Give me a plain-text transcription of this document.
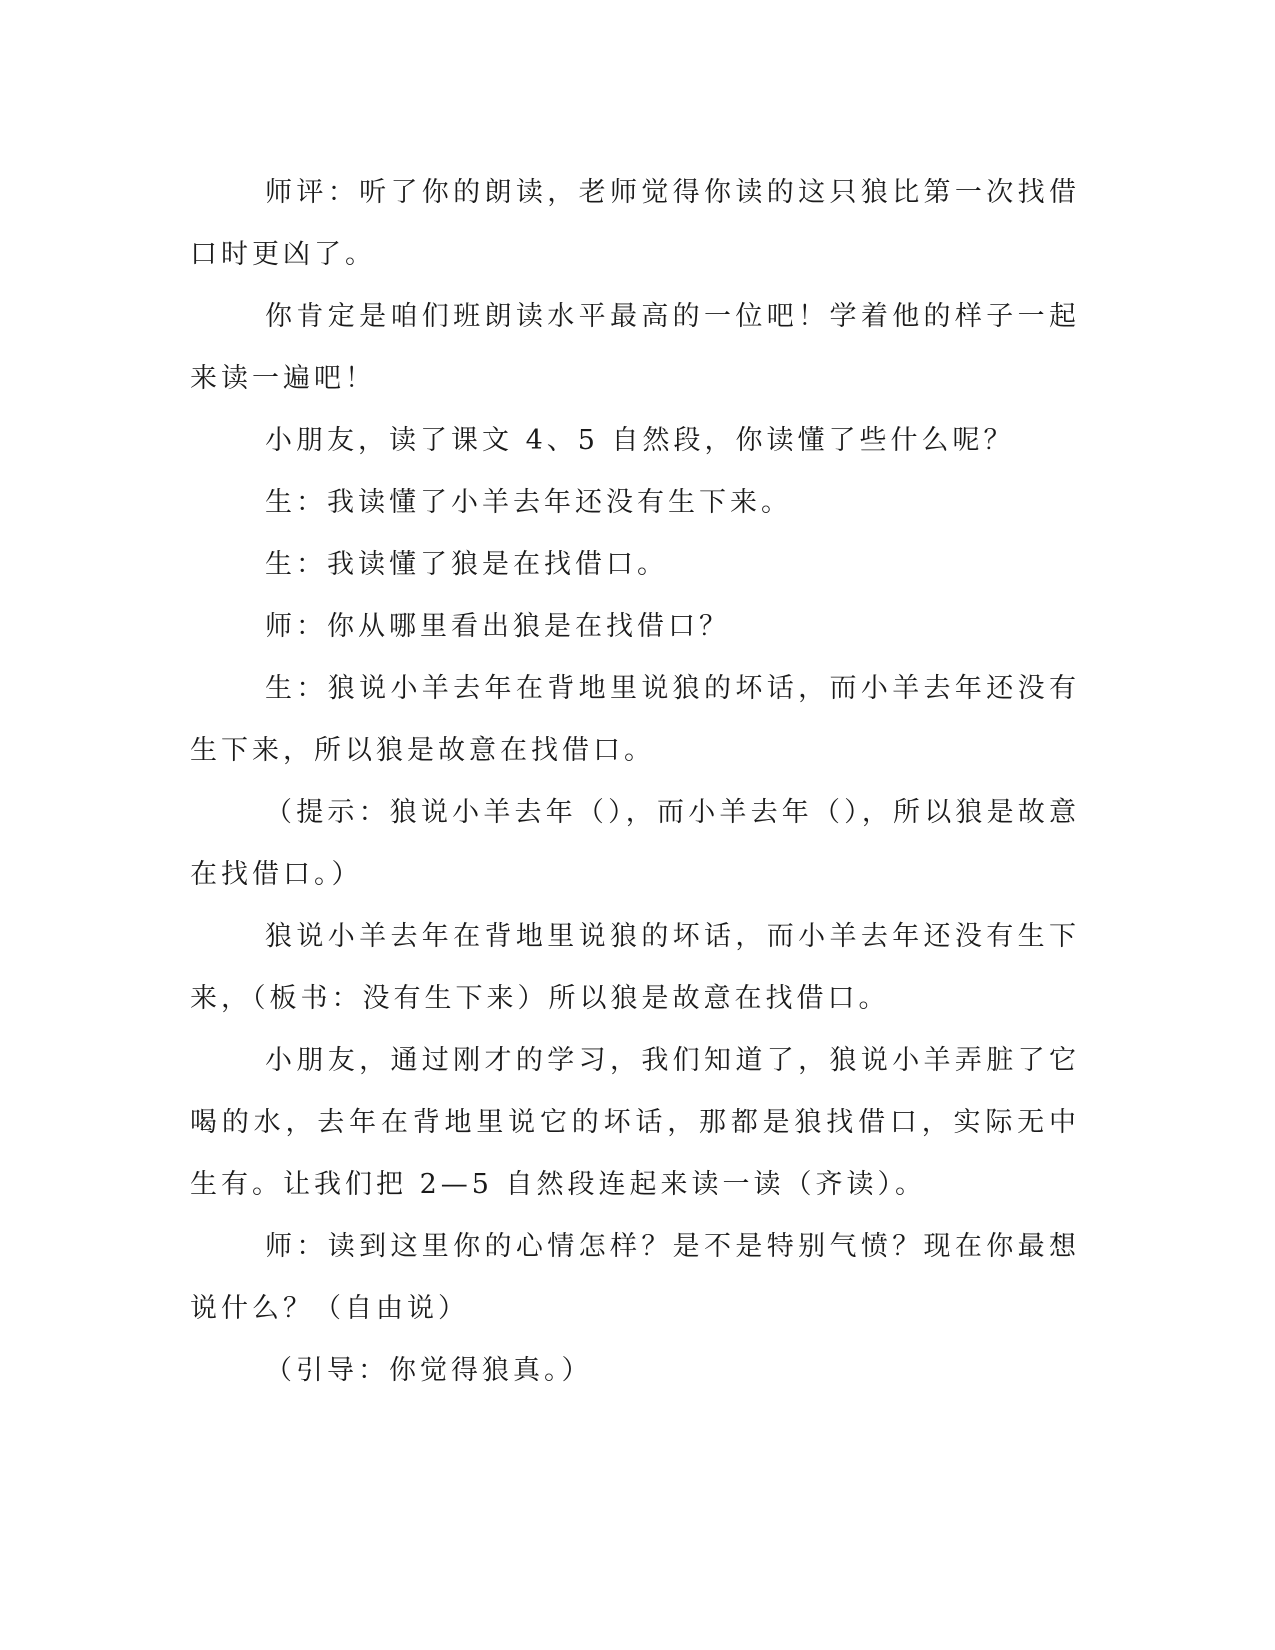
师评：听了你的朗读，老师觉得你读的这只狼比第一次找借口时更凶了。

你肯定是咱们班朗读水平最高的一位吧！学着他的样子一起来读一遍吧！

小朋友，读了课文 4、5 自然段，你读懂了些什么呢？

生：我读懂了小羊去年还没有生下来。

生：我读懂了狼是在找借口。

师：你从哪里看出狼是在找借口？

生：狼说小羊去年在背地里说狼的坏话，而小羊去年还没有生下来，所以狼是故意在找借口。

（提示：狼说小羊去年（），而小羊去年（），所以狼是故意在找借口。）

狼说小羊去年在背地里说狼的坏话，而小羊去年还没有生下来，（板书：没有生下来）所以狼是故意在找借口。

小朋友，通过刚才的学习，我们知道了，狼说小羊弄脏了它喝的水，去年在背地里说它的坏话，那都是狼找借口，实际无中生有。让我们把 2—5 自然段连起来读一读（齐读）。

师：读到这里你的心情怎样？是不是特别气愤？现在你最想说什么？（自由说）

（引导：你觉得狼真。）
